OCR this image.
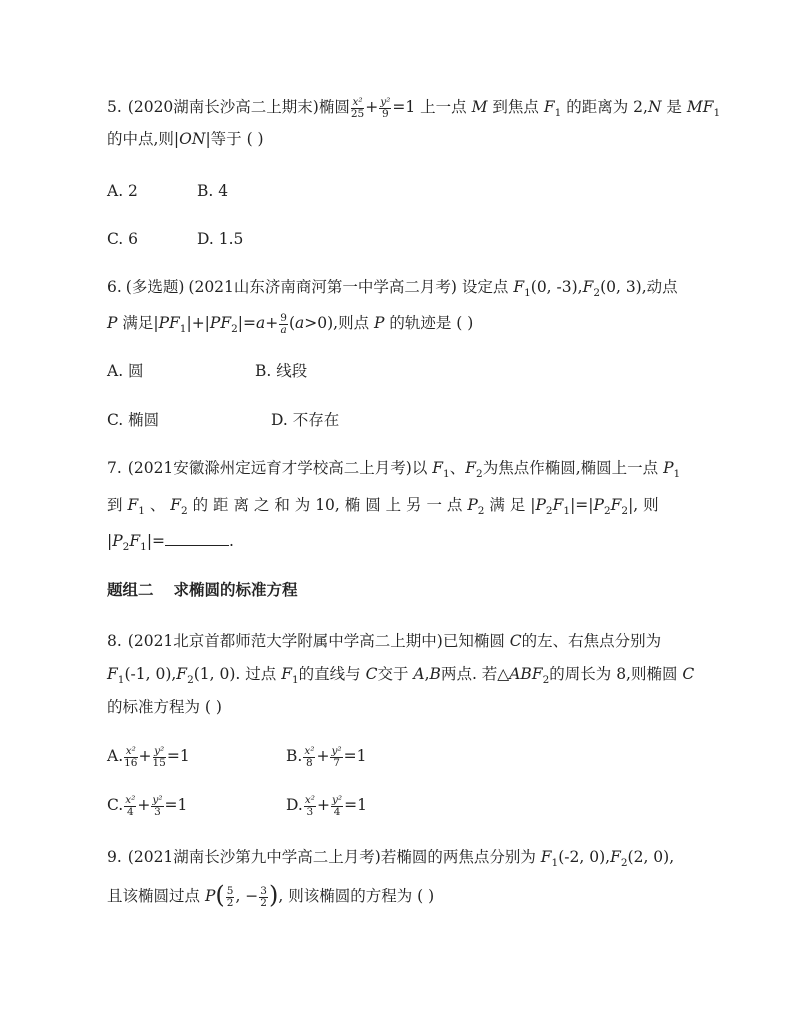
5. (2020湖南长沙高二上期末)椭圆 $\frac{\text{x²}}{25} + \frac{\text{y²}}{9} =1$ 上一点 M 到焦点 $F_1$ 的距离为 2,N 是 $MF_1$
的中点,则|ON|等于 ( )
A. 2	B. 4
C. 6	D. 1.5
6. (多选题) (2021山东济南商河第一中学高二月考) 设定点 $F_1(0$, $-3),F_2(0$, 3),动点
P 满足$|PF_1|+|PF_2|=a+ \frac{9}{a} (a>0)$,则点 P 的轨迹是 ( )
A. 圆	B. 线段
C. 椭圆	D. 不存在
7. (2021安徽滁州定远育才学校高二上月考)以 $F_1$、$F_2$为焦点作椭圆,椭圆上一点 $P_1$
到 $F_1$ 、 $F_2$ 的 距 离 之 和 为 10, 椭 圆 上 另 一 点 $P_2$ 满 足 $|P_2F_1|=|P_2F_2|$, 则
$|P_2F_1|=$	.
题组二 求椭圆的标准方程
8. (2021北京首都师范大学附属中学高二上期中)已知椭圆 C的左、右焦点分别为
$F_1(-1$, $0),F_2(1$, 0). 过点 $F_1$的直线与 C交于 A,B两点. 若$\triangle ABF_2$的周长为 8,则椭圆 C
的标准方程为 ( )
A. $\frac{\text{x²}}{16} + \frac{\text{y²}}{15} =1$	B. $\frac{\text{x²}}{8} + \frac{\text{y²}}{7} =1$
C. $\frac{\text{x²}}{4} + \frac{\text{y²}}{3} =1$	D. $\frac{\text{x²}}{3} + \frac{\text{y²}}{4} =1$
9. (2021湖南长沙第九中学高二上月考)若椭圆的两焦点分别为 $F_1(-2$, $0),F_2(2$, 0),
且该椭圆过点 $P( \frac{5}{2}$ , − $\frac{3}{2}$ ), 则该椭圆的方程为 ( )
